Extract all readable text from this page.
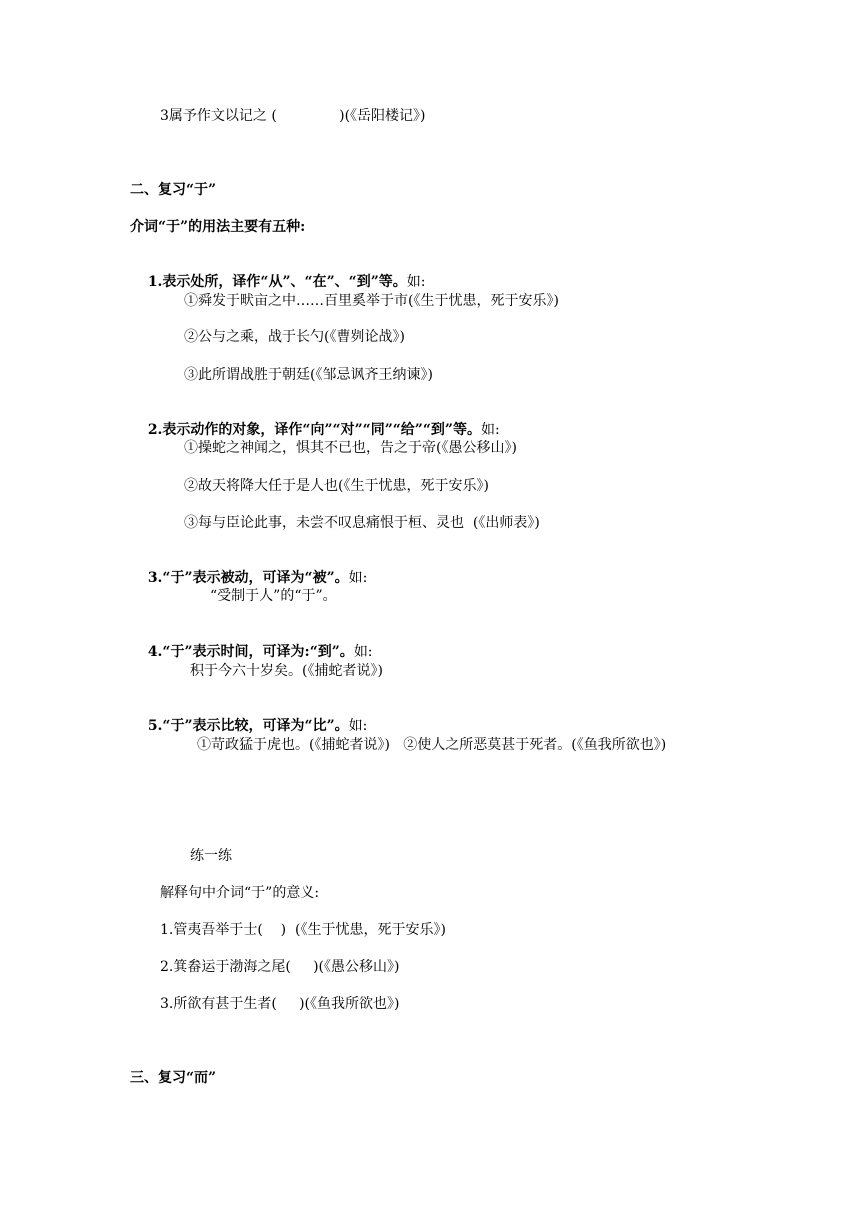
3属予作文以记之 (              )(《岳阳楼记》)
二、复习“于”
介词“于”的用法主要有五种:

1.表示处所，译作“从”、“在”、“到”等。如:

①舜发于畎亩之中……百里奚举于市(《生于忧患，死于安乐》)
②公与之乘，战于长勺(《曹刿论战》)
③此所谓战胜于朝廷(《邹忌讽齐王纳谏》)

2.表示动作的对象，译作“向”“对”“同”“给”“到”等。如:

①操蛇之神闻之，惧其不已也，告之于帝(《愚公移山》)
②故天将降大任于是人也(《生于忧患，死于安乐》)
③每与臣论此事，未尝不叹息痛恨于桓、灵也  (《出师表》)

3.“于”表示被动，可译为“被”。如:

“受制于人”的“于”。

4.“于”表示时间，可译为:“到”。如:

积于今六十岁矣。(《捕蛇者说》)

5.“于”表示比较，可译为“比”。如:

①苛政猛于虎也。(《捕蛇者说》)   ②使人之所恶莫甚于死者。(《鱼我所欲也》)
练一练
解释句中介词“于”的意义:
1.管夷吾举于士(    )  (《生于忧患，死于安乐》)
2.箕畚运于渤海之尾(     )(《愚公移山》)
3.所欲有甚于生者(     )(《鱼我所欲也》)
三、复习“而”
